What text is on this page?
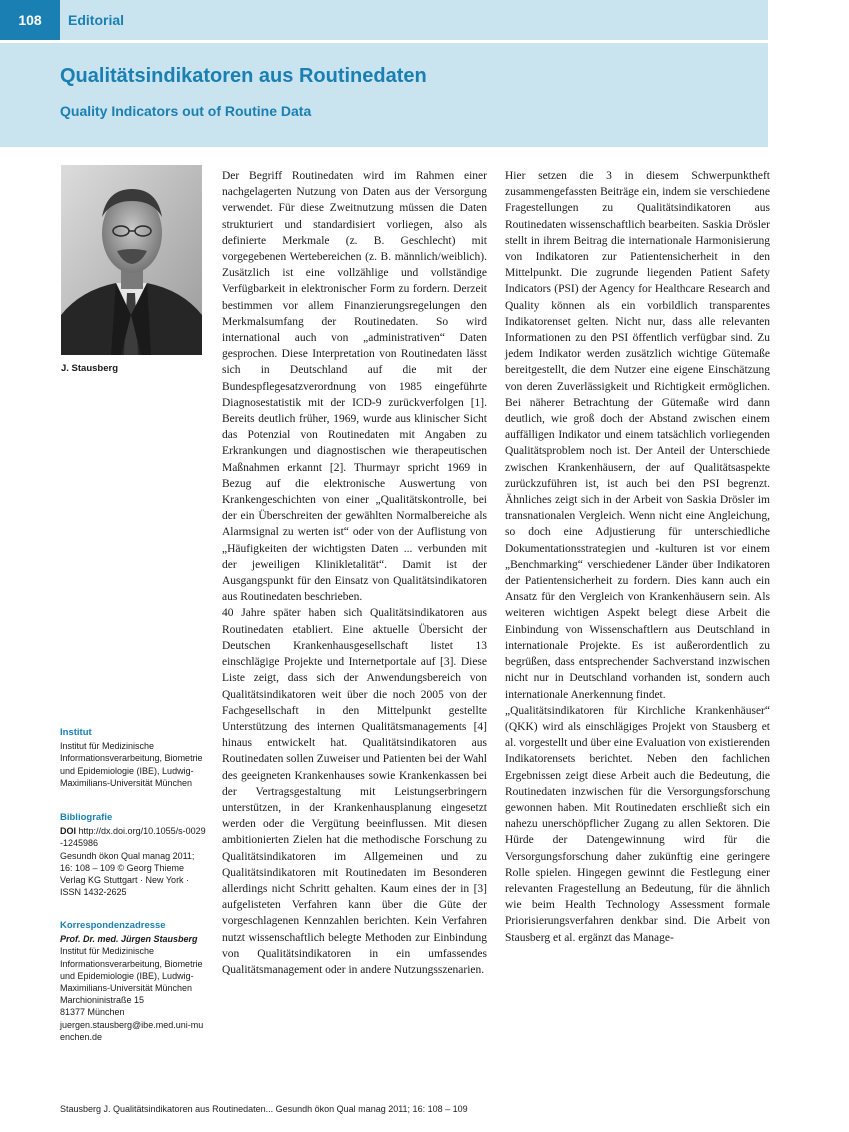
108	Editorial
Qualitätsindikatoren aus Routinedaten
Quality Indicators out of Routine Data
J. Stausberg
Institut
Institut für Medizinische Informationsverarbeitung, Biometrie und Epidemiologie (IBE), Ludwig-Maximilians-Universität München
Bibliografie
DOI http://dx.doi.org/10.1055/s-0029-1245986
Gesundh ökon Qual manag 2011; 16: 108 – 109 © Georg Thieme Verlag KG Stuttgart · New York · ISSN 1432-2625
Korrespondenzadresse
Prof. Dr. med. Jürgen Stausberg
Institut für Medizinische Informationsverarbeitung, Biometrie und Epidemiologie (IBE), Ludwig-Maximilians-Universität München
Marchioninistraße 15
81377 München
juergen.stausberg@ibe.med.uni-muenchen.de

Der Begriff Routinedaten wird im Rahmen einer nachgelagerten Nutzung von Daten aus der Versorgung verwendet. Für diese Zweitnutzung müssen die Daten strukturiert und standardisiert vorliegen, also als definierte Merkmale (z. B. Geschlecht) mit vorgegebenen Wertebereichen (z. B. männlich/weiblich). Zusätzlich ist eine vollzählige und vollständige Verfügbarkeit in elektronischer Form zu fordern. Derzeit bestimmen vor allem Finanzierungsregelungen den Merkmalsumfang der Routinedaten. So wird international auch von „administrativen“ Daten gesprochen. Diese Interpretation von Routinedaten lässt sich in Deutschland auf die mit der Bundespflegesatzverordnung von 1985 eingeführte Diagnosestatistik mit der ICD-9 zurückverfolgen [1]. Bereits deutlich früher, 1969, wurde aus klinischer Sicht das Potenzial von Routinedaten mit Angaben zu Erkrankungen und diagnostischen wie therapeutischen Maßnahmen erkannt [2]. Thurmayr spricht 1969 in Bezug auf die elektronische Auswertung von Krankengeschichten von einer „Qualitätskontrolle, bei der ein Überschreiten der gewählten Normalbereiche als Alarmsignal zu werten ist“ oder von der Auflistung von „Häufigkeiten der wichtigsten Daten ... verbunden mit der jeweiligen Klinikletalität“. Damit ist der Ausgangspunkt für den Einsatz von Qualitätsindikatoren aus Routinedaten beschrieben.

40 Jahre später haben sich Qualitätsindikatoren aus Routinedaten etabliert. Eine aktuelle Übersicht der Deutschen Krankenhausgesellschaft listet 13 einschlägige Projekte und Internetportale auf [3]. Diese Liste zeigt, dass sich der Anwendungsbereich von Qualitätsindikatoren weit über die noch 2005 von der Fachgesellschaft in den Mittelpunkt gestellte Unterstützung des internen Qualitätsmanagements [4] hinaus entwickelt hat. Qualitätsindikatoren aus Routinedaten sollen Zuweiser und Patienten bei der Wahl des geeigneten Krankenhauses sowie Krankenkassen bei der Vertragsgestaltung mit Leistungserbringern unterstützen, in der Krankenhausplanung eingesetzt werden oder die Vergütung beeinflussen. Mit diesen ambitionierten Zielen hat die methodische Forschung zu Qualitätsindikatoren im Allgemeinen und zu Qualitätsindikatoren mit Routinedaten im Besonderen allerdings nicht Schritt gehalten. Kaum eines der in [3] aufgelisteten Verfahren kann über die Güte der vorgeschlagenen Kennzahlen berichten. Kein Verfahren nutzt wissenschaftlich belegte Methoden zur Einbindung von Qualitätsindikatoren in ein umfassendes Qualitätsmanagement oder in andere Nutzungsszenarien.

Hier setzen die 3 in diesem Schwerpunktheft zusammengefassten Beiträge ein, indem sie verschiedene Fragestellungen zu Qualitätsindikatoren aus Routinedaten wissenschaftlich bearbeiten. Saskia Drösler stellt in ihrem Beitrag die internationale Harmonisierung von Indikatoren zur Patientensicherheit in den Mittelpunkt. Die zugrunde liegenden Patient Safety Indicators (PSI) der Agency for Healthcare Research and Quality können als ein vorbildlich transparentes Indikatorenset gelten. Nicht nur, dass alle relevanten Informationen zu den PSI öffentlich verfügbar sind. Zu jedem Indikator werden zusätzlich wichtige Gütemaße bereitgestellt, die dem Nutzer eine eigene Einschätzung von deren Zuverlässigkeit und Richtigkeit ermöglichen. Bei näherer Betrachtung der Gütemaße wird dann deutlich, wie groß doch der Abstand zwischen einem auffälligen Indikator und einem tatsächlich vorliegenden Qualitätsproblem noch ist. Der Anteil der Unterschiede zwischen Krankenhäusern, der auf Qualitätsaspekte zurückzuführen ist, ist auch bei den PSI begrenzt. Ähnliches zeigt sich in der Arbeit von Saskia Drösler im transnationalen Vergleich. Wenn nicht eine Angleichung, so doch eine Adjustierung für unterschiedliche Dokumentationsstrategien und -kulturen ist vor einem „Benchmarking“ verschiedener Länder über Indikatoren der Patientensicherheit zu fordern. Dies kann auch ein Ansatz für den Vergleich von Krankenhäusern sein. Als weiteren wichtigen Aspekt belegt diese Arbeit die Einbindung von Wissenschaftlern aus Deutschland in internationale Projekte. Es ist außerordentlich zu begrüßen, dass entsprechender Sachverstand inzwischen nicht nur in Deutschland vorhanden ist, sondern auch internationale Anerkennung findet.

„Qualitätsindikatoren für Kirchliche Krankenhäuser“ (QKK) wird als einschlägiges Projekt von Stausberg et al. vorgestellt und über eine Evaluation von existierenden Indikatorensets berichtet. Neben den fachlichen Ergebnissen zeigt diese Arbeit auch die Bedeutung, die Routinedaten inzwischen für die Versorgungsforschung gewonnen haben. Mit Routinedaten erschließt sich ein nahezu unerschöpflicher Zugang zu allen Sektoren. Die Hürde der Datengewinnung wird für die Versorgungsforschung daher zukünftig eine geringere Rolle spielen. Hingegen gewinnt die Festlegung einer relevanten Fragestellung an Bedeutung, für die ähnlich wie beim Health Technology Assessment formale Priorisierungsverfahren denkbar sind. Die Arbeit von Stausberg et al. ergänzt das Manage-

Stausberg J. Qualitätsindikatoren aus Routinedaten... Gesundh ökon Qual manag 2011; 16: 108 – 109
